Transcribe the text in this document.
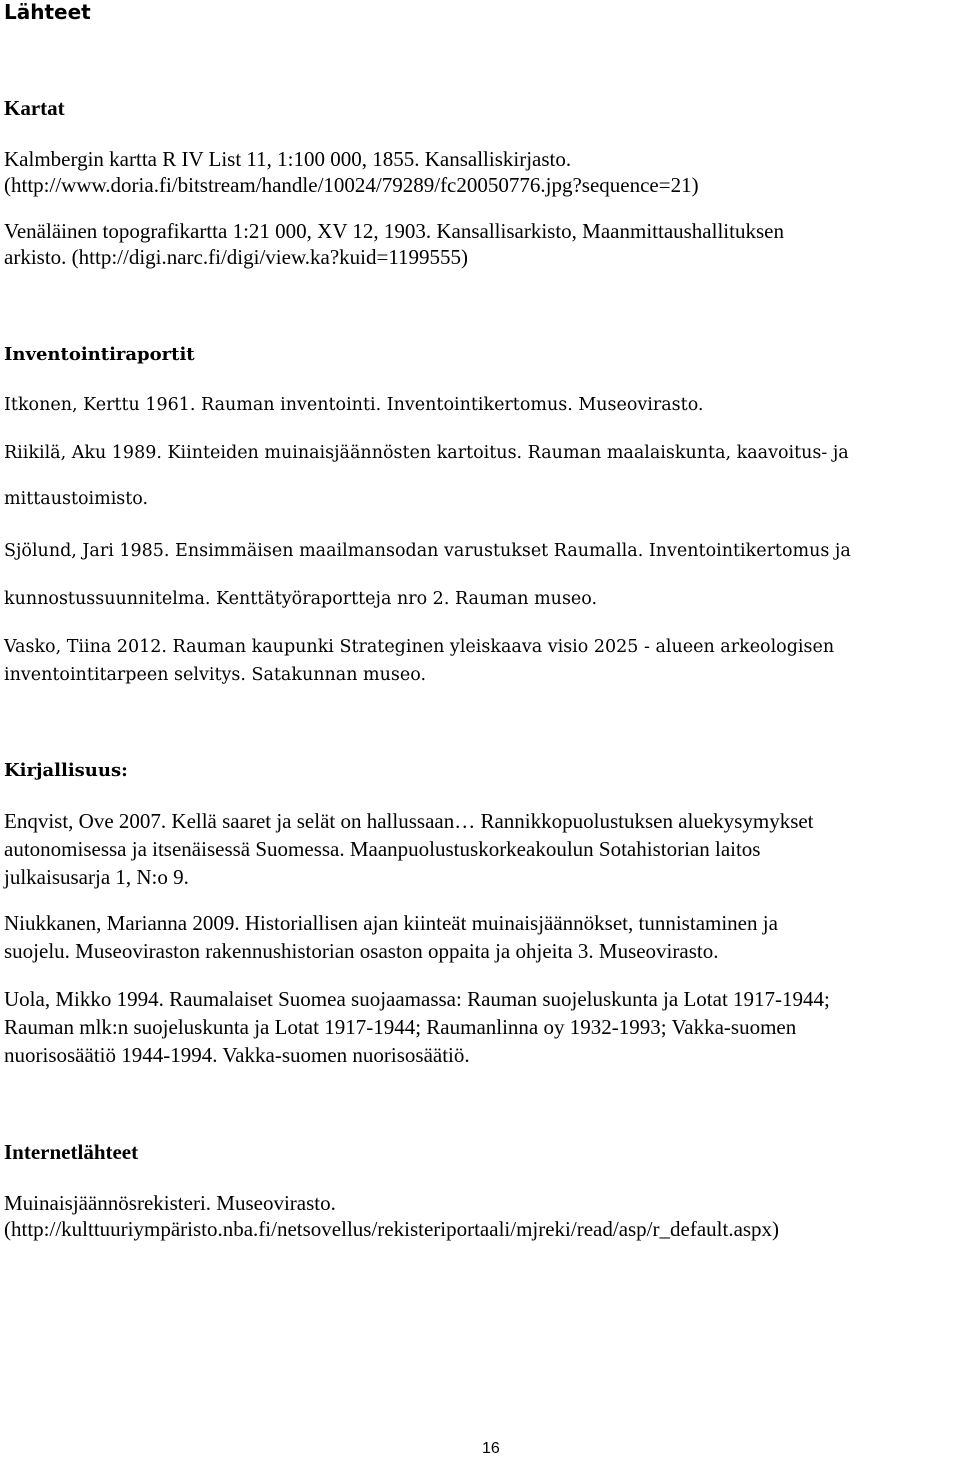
Lähteet
Kartat
Kalmbergin kartta R IV List 11, 1:100 000, 1855. Kansalliskirjasto.
(http://www.doria.fi/bitstream/handle/10024/79289/fc20050776.jpg?sequence=21)
Venäläinen topografikartta 1:21 000, XV 12, 1903. Kansallisarkisto, Maanmittaushallituksen
arkisto. (http://digi.narc.fi/digi/view.ka?kuid=1199555)
Inventointiraportit
Itkonen, Kerttu 1961. Rauman inventointi. Inventointikertomus. Museovirasto.
Riikilä, Aku 1989. Kiinteiden muinaisjäännösten kartoitus. Rauman maalaiskunta, kaavoitus- ja
mittaustoimisto.
Sjölund, Jari 1985. Ensimmäisen maailmansodan varustukset Raumalla. Inventointikertomus ja
kunnostussuunnitelma. Kenttätyöraportteja nro 2. Rauman museo.
Vasko, Tiina 2012. Rauman kaupunki Strateginen yleiskaava visio 2025 - alueen arkeologisen
inventointitarpeen selvitys. Satakunnan museo.
Kirjallisuus:
Enqvist, Ove 2007. Kellä saaret ja selät on hallussaan… Rannikkopuolustuksen aluekysymykset
autonomisessa ja itsenäisessä Suomessa. Maanpuolustuskorkeakoulun Sotahistorian laitos
julkaisusarja 1, N:o 9.
Niukkanen, Marianna 2009. Historiallisen ajan kiinteät muinaisjäännökset, tunnistaminen ja
suojelu. Museoviraston rakennushistorian osaston oppaita ja ohjeita 3. Museovirasto.
Uola, Mikko 1994. Raumalaiset Suomea suojaamassa: Rauman suojeluskunta ja Lotat 1917-1944;
Rauman mlk:n suojeluskunta ja Lotat 1917-1944; Raumanlinna oy 1932-1993; Vakka-suomen
nuorisosäätiö 1944-1994. Vakka-suomen nuorisosäätiö.
Internetlähteet
Muinaisjäännösrekisteri. Museovirasto.
(http://kulttuuriympäristo.nba.fi/netsovellus/rekisteriportaali/mjreki/read/asp/r_default.aspx)
16
